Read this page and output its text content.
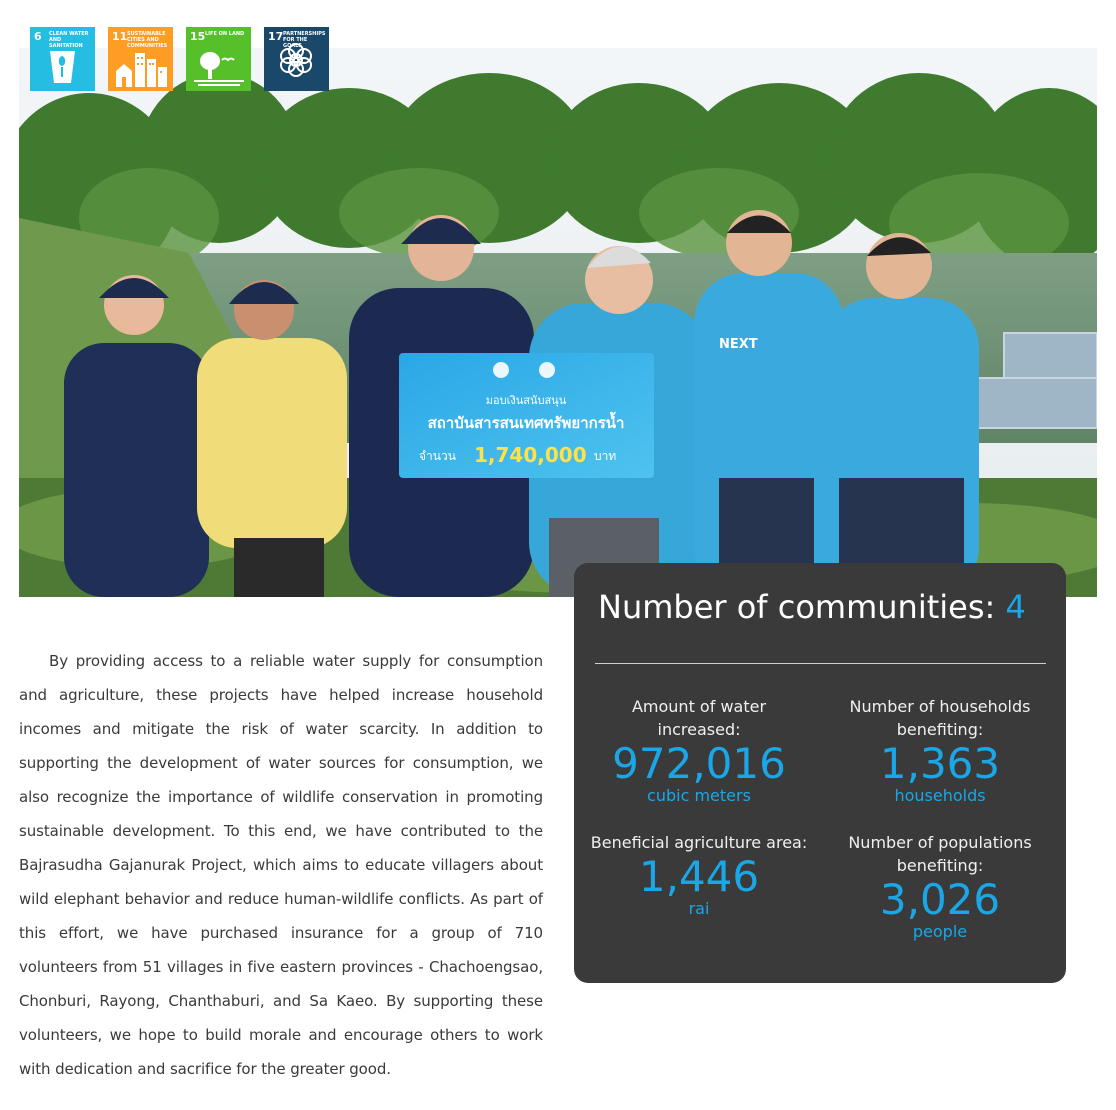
6 CLEAN WATER AND SANITATION
11 SUSTAINABLE CITIES AND COMMUNITIES
15 LIFE ON LAND	17 PARTNERSHIPS FOR THE GOALS
NEXT
มอบเงินสนับสนุน
สถาบันสารสนเทศทรัพยากรน้ำ
จำนวน 1,740,000 บาท
By providing access to a reliable water supply for consumption and agriculture, these projects have helped increase household incomes and mitigate the risk of water scarcity. In addition to supporting the development of water sources for consumption, we also recognize the importance of wildlife conservation in promoting sustainable development. To this end, we have contributed to the Bajrasudha Gajanurak Project, which aims to educate villagers about wild elephant behavior and reduce human-wildlife conflicts. As part of this effort, we have purchased insurance for a group of 710 volunteers from 51 villages in five eastern provinces - Chachoengsao, Chonburi, Rayong, Chanthaburi, and Sa Kaeo. By supporting these volunteers, we hope to build morale and encourage others to work with dedication and sacrifice for the greater good.
Number of communities: 4
Amount of water increased:
972,016
cubic meters
Number of households benefiting:
1,363
households
Beneficial agriculture area:
1,446
rai
Number of populations benefiting:
3,026
people
